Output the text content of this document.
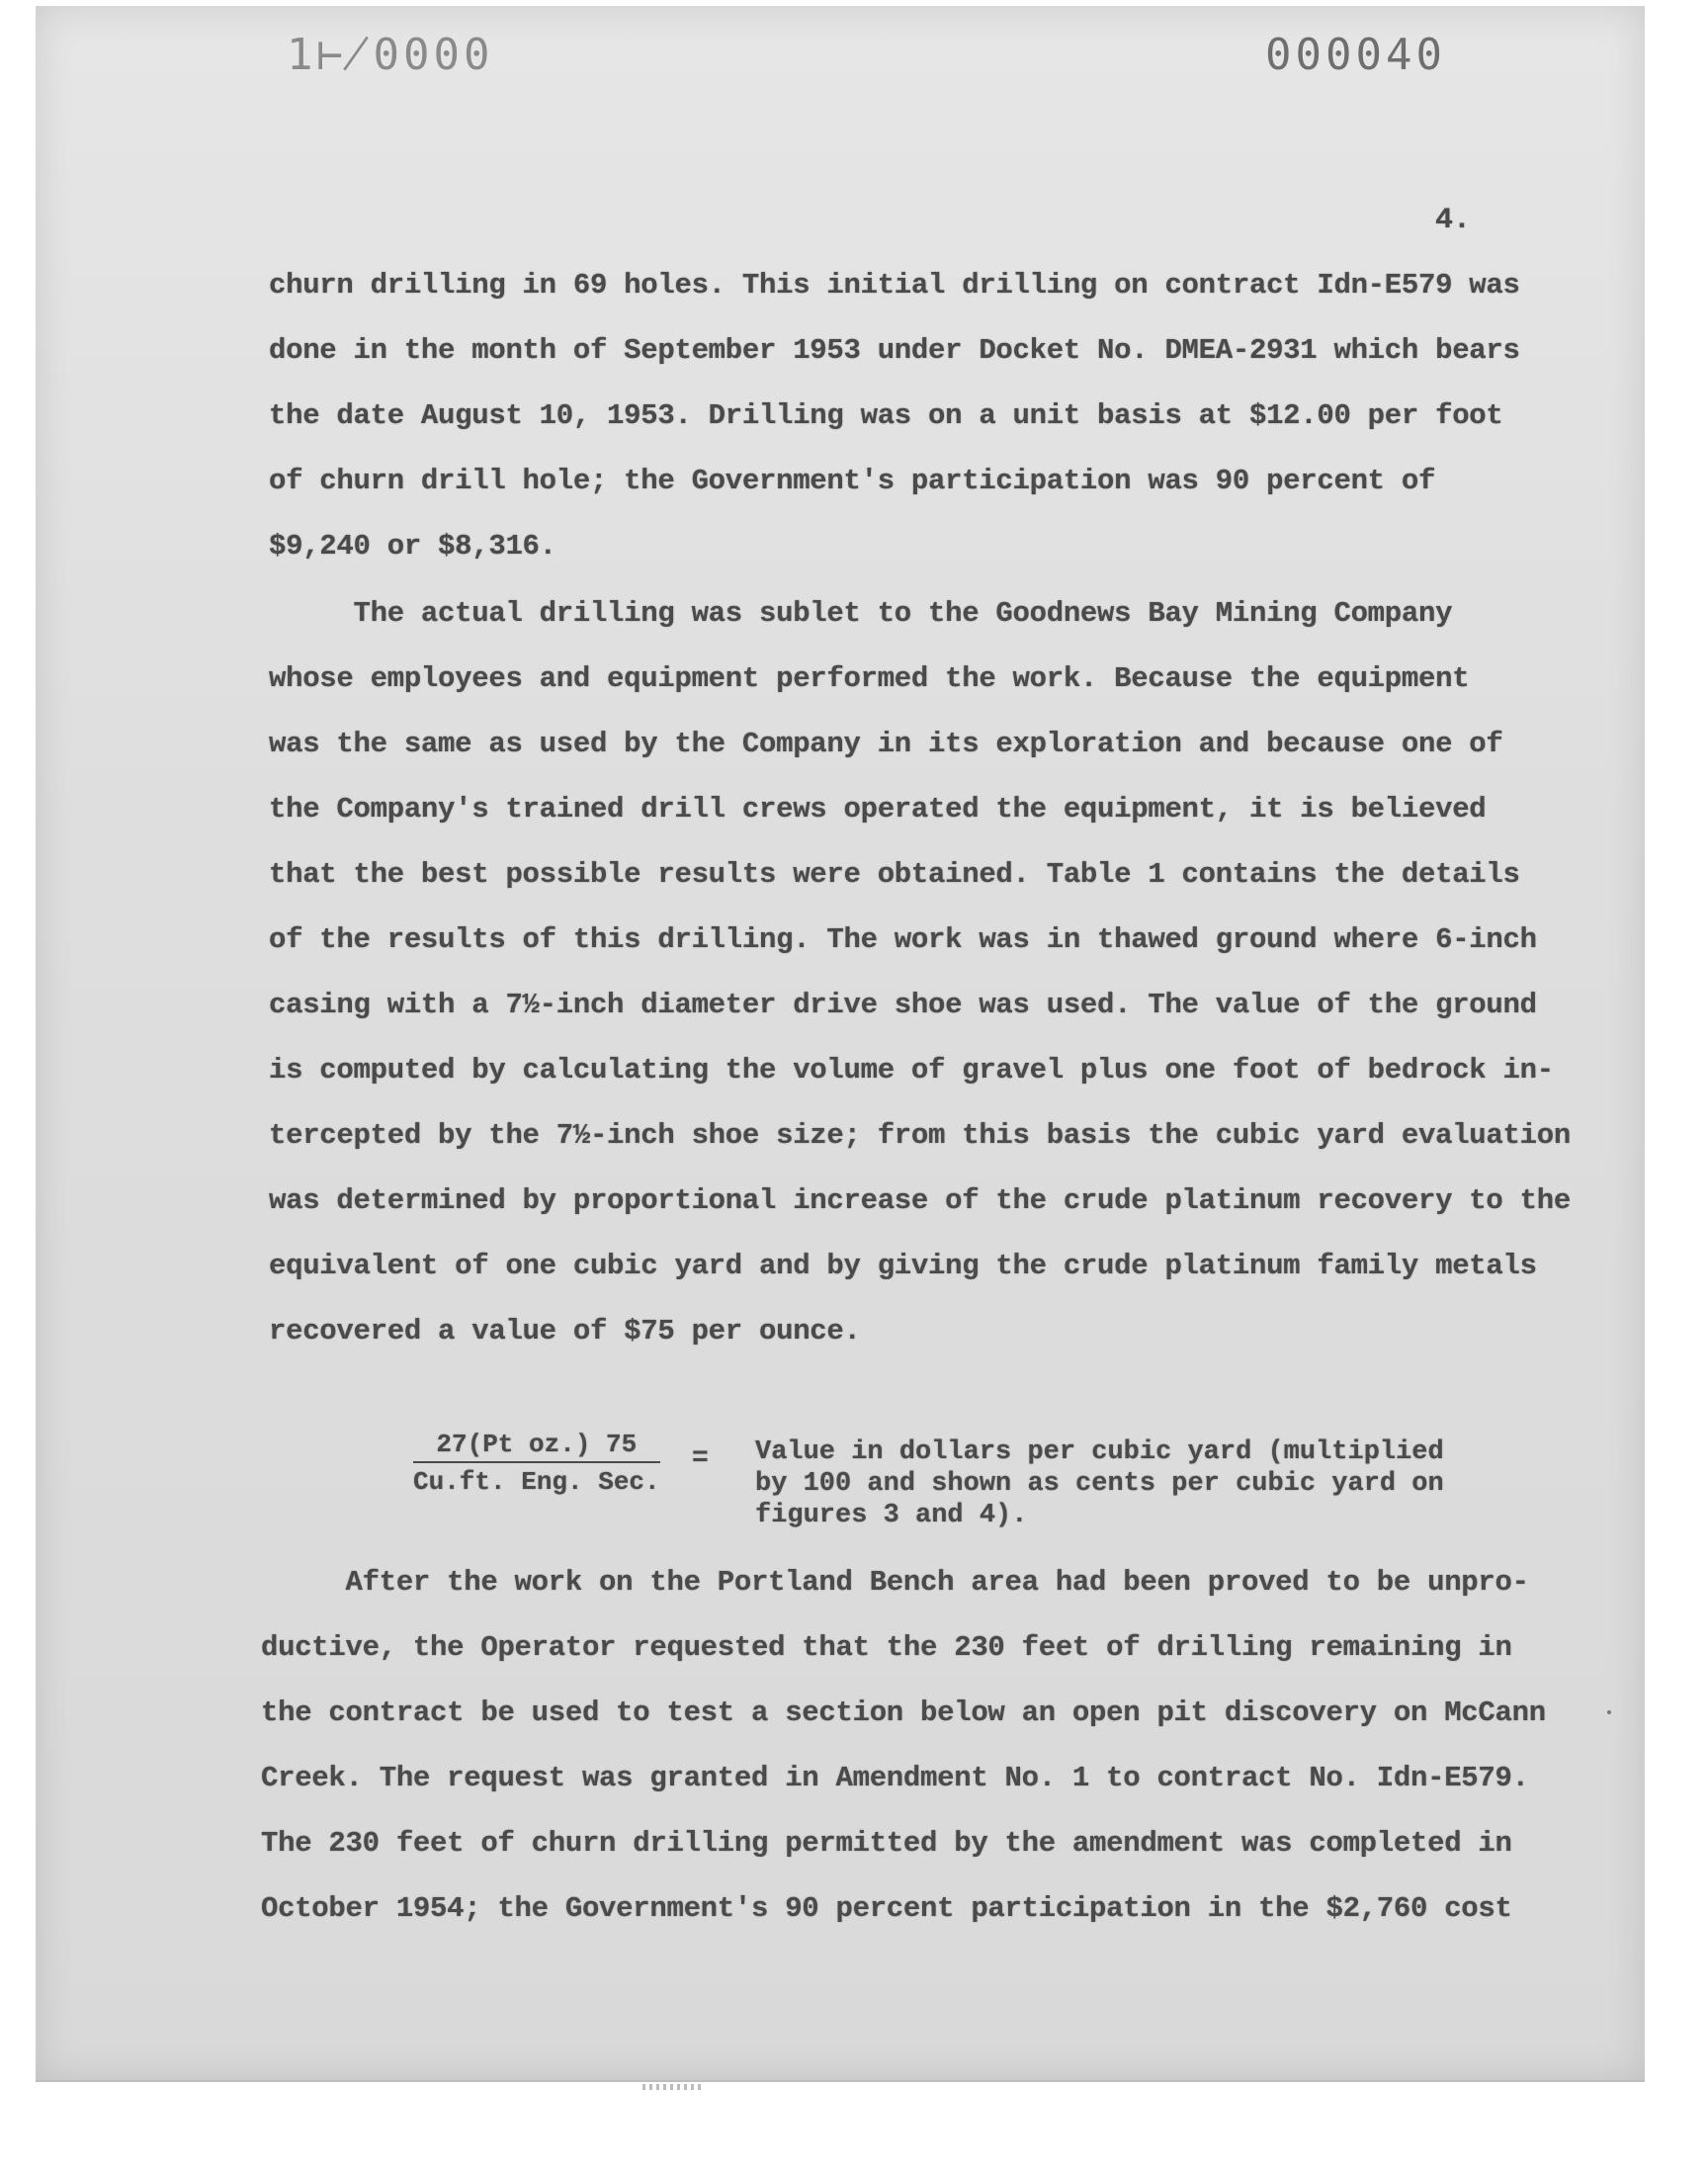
1⊬0000	000040
4.
churn drilling in 69 holes. This initial drilling on contract Idn-E579 was
done in the month of September 1953 under Docket No. DMEA-2931 which bears
the date August 10, 1953. Drilling was on a unit basis at $12.00 per foot
of churn drill hole; the Government's participation was 90 percent of
$9,240 or $8,316.
The actual drilling was sublet to the Goodnews Bay Mining Company
whose employees and equipment performed the work. Because the equipment
was the same as used by the Company in its exploration and because one of
the Company's trained drill crews operated the equipment, it is believed
that the best possible results were obtained. Table 1 contains the details
of the results of this drilling. The work was in thawed ground where 6-inch
casing with a 7½-inch diameter drive shoe was used. The value of the ground
is computed by calculating the volume of gravel plus one foot of bedrock in-
tercepted by the 7½-inch shoe size; from this basis the cubic yard evaluation
was determined by proportional increase of the crude platinum recovery to the
equivalent of one cubic yard and by giving the crude platinum family metals
recovered a value of $75 per ounce.
27(Pt oz.) 75
Cu.ft. Eng. Sec.
= Value in dollars per cubic yard (multiplied
by 100 and shown as cents per cubic yard on
figures 3 and 4).
After the work on the Portland Bench area had been proved to be unpro-
ductive, the Operator requested that the 230 feet of drilling remaining in
the contract be used to test a section below an open pit discovery on McCann
Creek. The request was granted in Amendment No. 1 to contract No. Idn-E579.
The 230 feet of churn drilling permitted by the amendment was completed in
October 1954; the Government's 90 percent participation in the $2,760 cost
